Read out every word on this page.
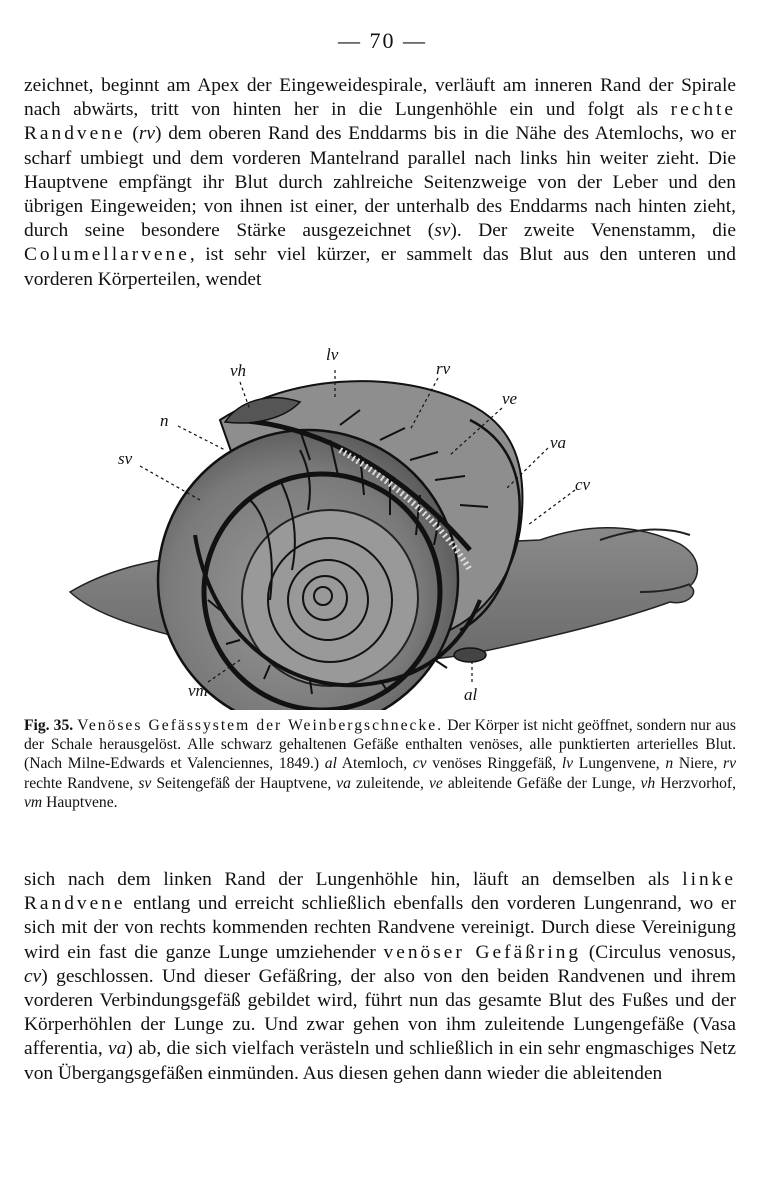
— 70 —

zeichnet, beginnt am Apex der Eingeweidespirale, verläuft am inneren Rand der Spirale nach abwärts, tritt von hinten her in die Lungenhöhle ein und folgt als rechte Randvene (rv) dem oberen Rand des Enddarms bis in die Nähe des Atemlochs, wo er scharf umbiegt und dem vorderen Mantelrand parallel nach links hin weiter zieht. Die Hauptvene empfängt ihr Blut durch zahlreiche Seitenzweige von der Leber und den übrigen Eingeweiden; von ihnen ist einer, der unterhalb des Enddarms nach hinten zieht, durch seine besondere Stärke ausgezeichnet (sv). Der zweite Venenstamm, die Columellarvene, ist sehr viel kürzer, er sammelt das Blut aus den unteren und vorderen Körperteilen, wendet

lv
vh	rv
ve
n
va
sv
cv
vm	al

Fig. 35. Venöses Gefässystem der Weinbergschnecke. Der Körper ist nicht geöffnet, sondern nur aus der Schale herausgelöst. Alle schwarz gehaltenen Gefäße enthalten venöses, alle punktierten arterielles Blut. (Nach Milne-Edwards et Valenciennes, 1849.) al Atemloch, cv venöses Ringgefäß, lv Lungenvene, n Niere, rv rechte Randvene, sv Seitengefäß der Hauptvene, va zuleitende, ve ableitende Gefäße der Lunge, vh Herzvorhof, vm Hauptvene.

sich nach dem linken Rand der Lungenhöhle hin, läuft an demselben als linke Randvene entlang und erreicht schließlich ebenfalls den vorderen Lungenrand, wo er sich mit der von rechts kommenden rechten Randvene vereinigt. Durch diese Vereinigung wird ein fast die ganze Lunge umziehender venöser Gefäßring (Circulus venosus, cv) geschlossen. Und dieser Gefäßring, der also von den beiden Randvenen und ihrem vorderen Verbindungsgefäß gebildet wird, führt nun das gesamte Blut des Fußes und der Körperhöhlen der Lunge zu. Und zwar gehen von ihm zuleitende Lungengefäße (Vasa afferentia, va) ab, die sich vielfach verästeln und schließlich in ein sehr engmaschiges Netz von Übergangsgefäßen einmünden. Aus diesen gehen dann wieder die ableitenden
